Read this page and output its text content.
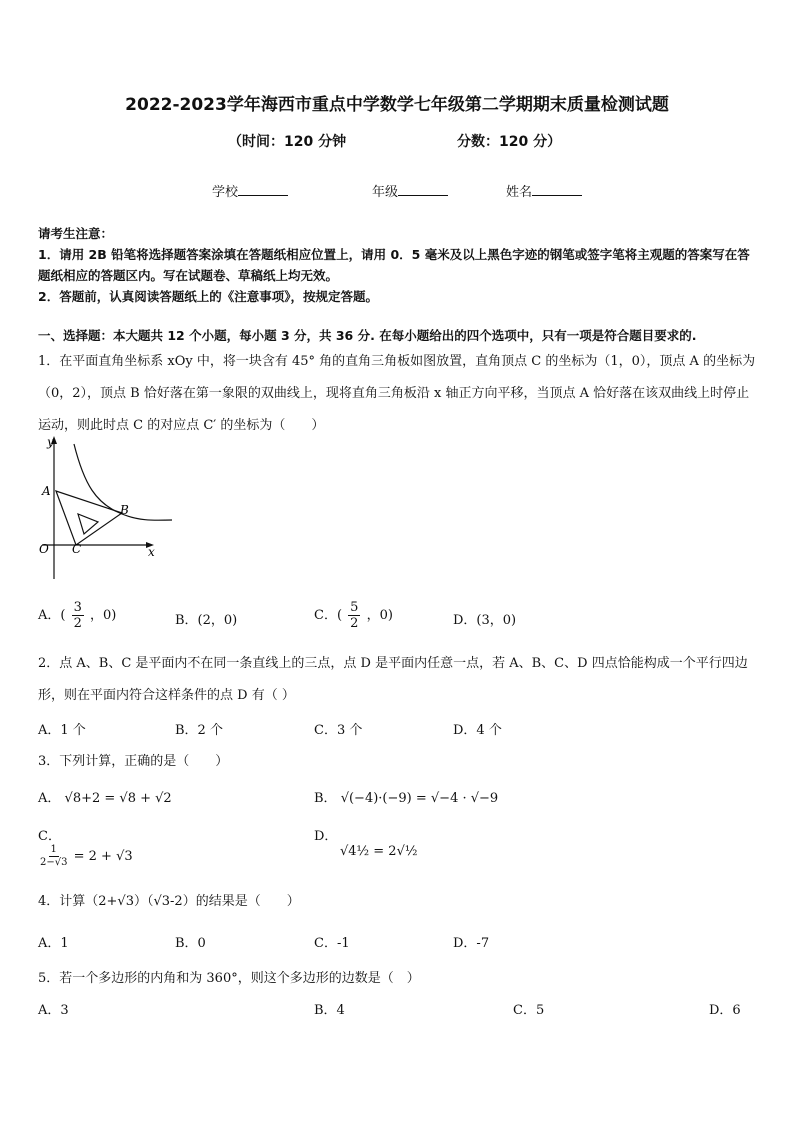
2022-2023学年海西市重点中学数学七年级第二学期期末质量检测试题
（时间：120 分钟	分数：120 分）
学校	年级	姓名
请考生注意：
1．请用 2B 铅笔将选择题答案涂填在答题纸相应位置上，请用 0．5 毫米及以上黑色字迹的钢笔或签字笔将主观题的答案写在答题纸相应的答题区内。写在试题卷、草稿纸上均无效。
2．答题前，认真阅读答题纸上的《注意事项》，按规定答题。
一、选择题：本大题共 12 个小题，每小题 3 分，共 36 分. 在每小题给出的四个选项中，只有一项是符合题目要求的.
1．在平面直角坐标系 xOy 中，将一块含有 45° 角的直角三角板如图放置，直角顶点 C 的坐标为（1，0），顶点 A 的坐标为（0，2），顶点 B 恰好落在第一象限的双曲线上，现将直角三角板沿 x 轴正方向平移，当顶点 A 恰好落在该双曲线上时停止运动，则此时点 C 的对应点 C′ 的坐标为（　　）
y
x
O
A
B
C
A．( $\frac{3}{2}$ ，0)	B．(2，0)	C．( $\frac{5}{2}$ ，0)	D．(3，0)
2．点 A、B、C 是平面内不在同一条直线上的三点，点 D 是平面内任意一点，若 A、B、C、D 四点恰能构成一个平行四边形，则在平面内符合这样条件的点 D 有（ ）
A．1 个	B．2 个	C．3 个	D．4 个
3．下列计算，正确的是（　　）
A． √8+2 = √8 + √2	B． √(−4)·(−9) = √−4 · √−9
C．

$\frac{1}{2-√3} = 2 + √3$
D．
√4½ = 2√½
4．计算（2+√3）（√3-2）的结果是（　　）
A．1	B．0	C．-1	D．-7
5．若一个多边形的内角和为 360°，则这个多边形的边数是（　）
A．3	B．4	C．5	D．6
